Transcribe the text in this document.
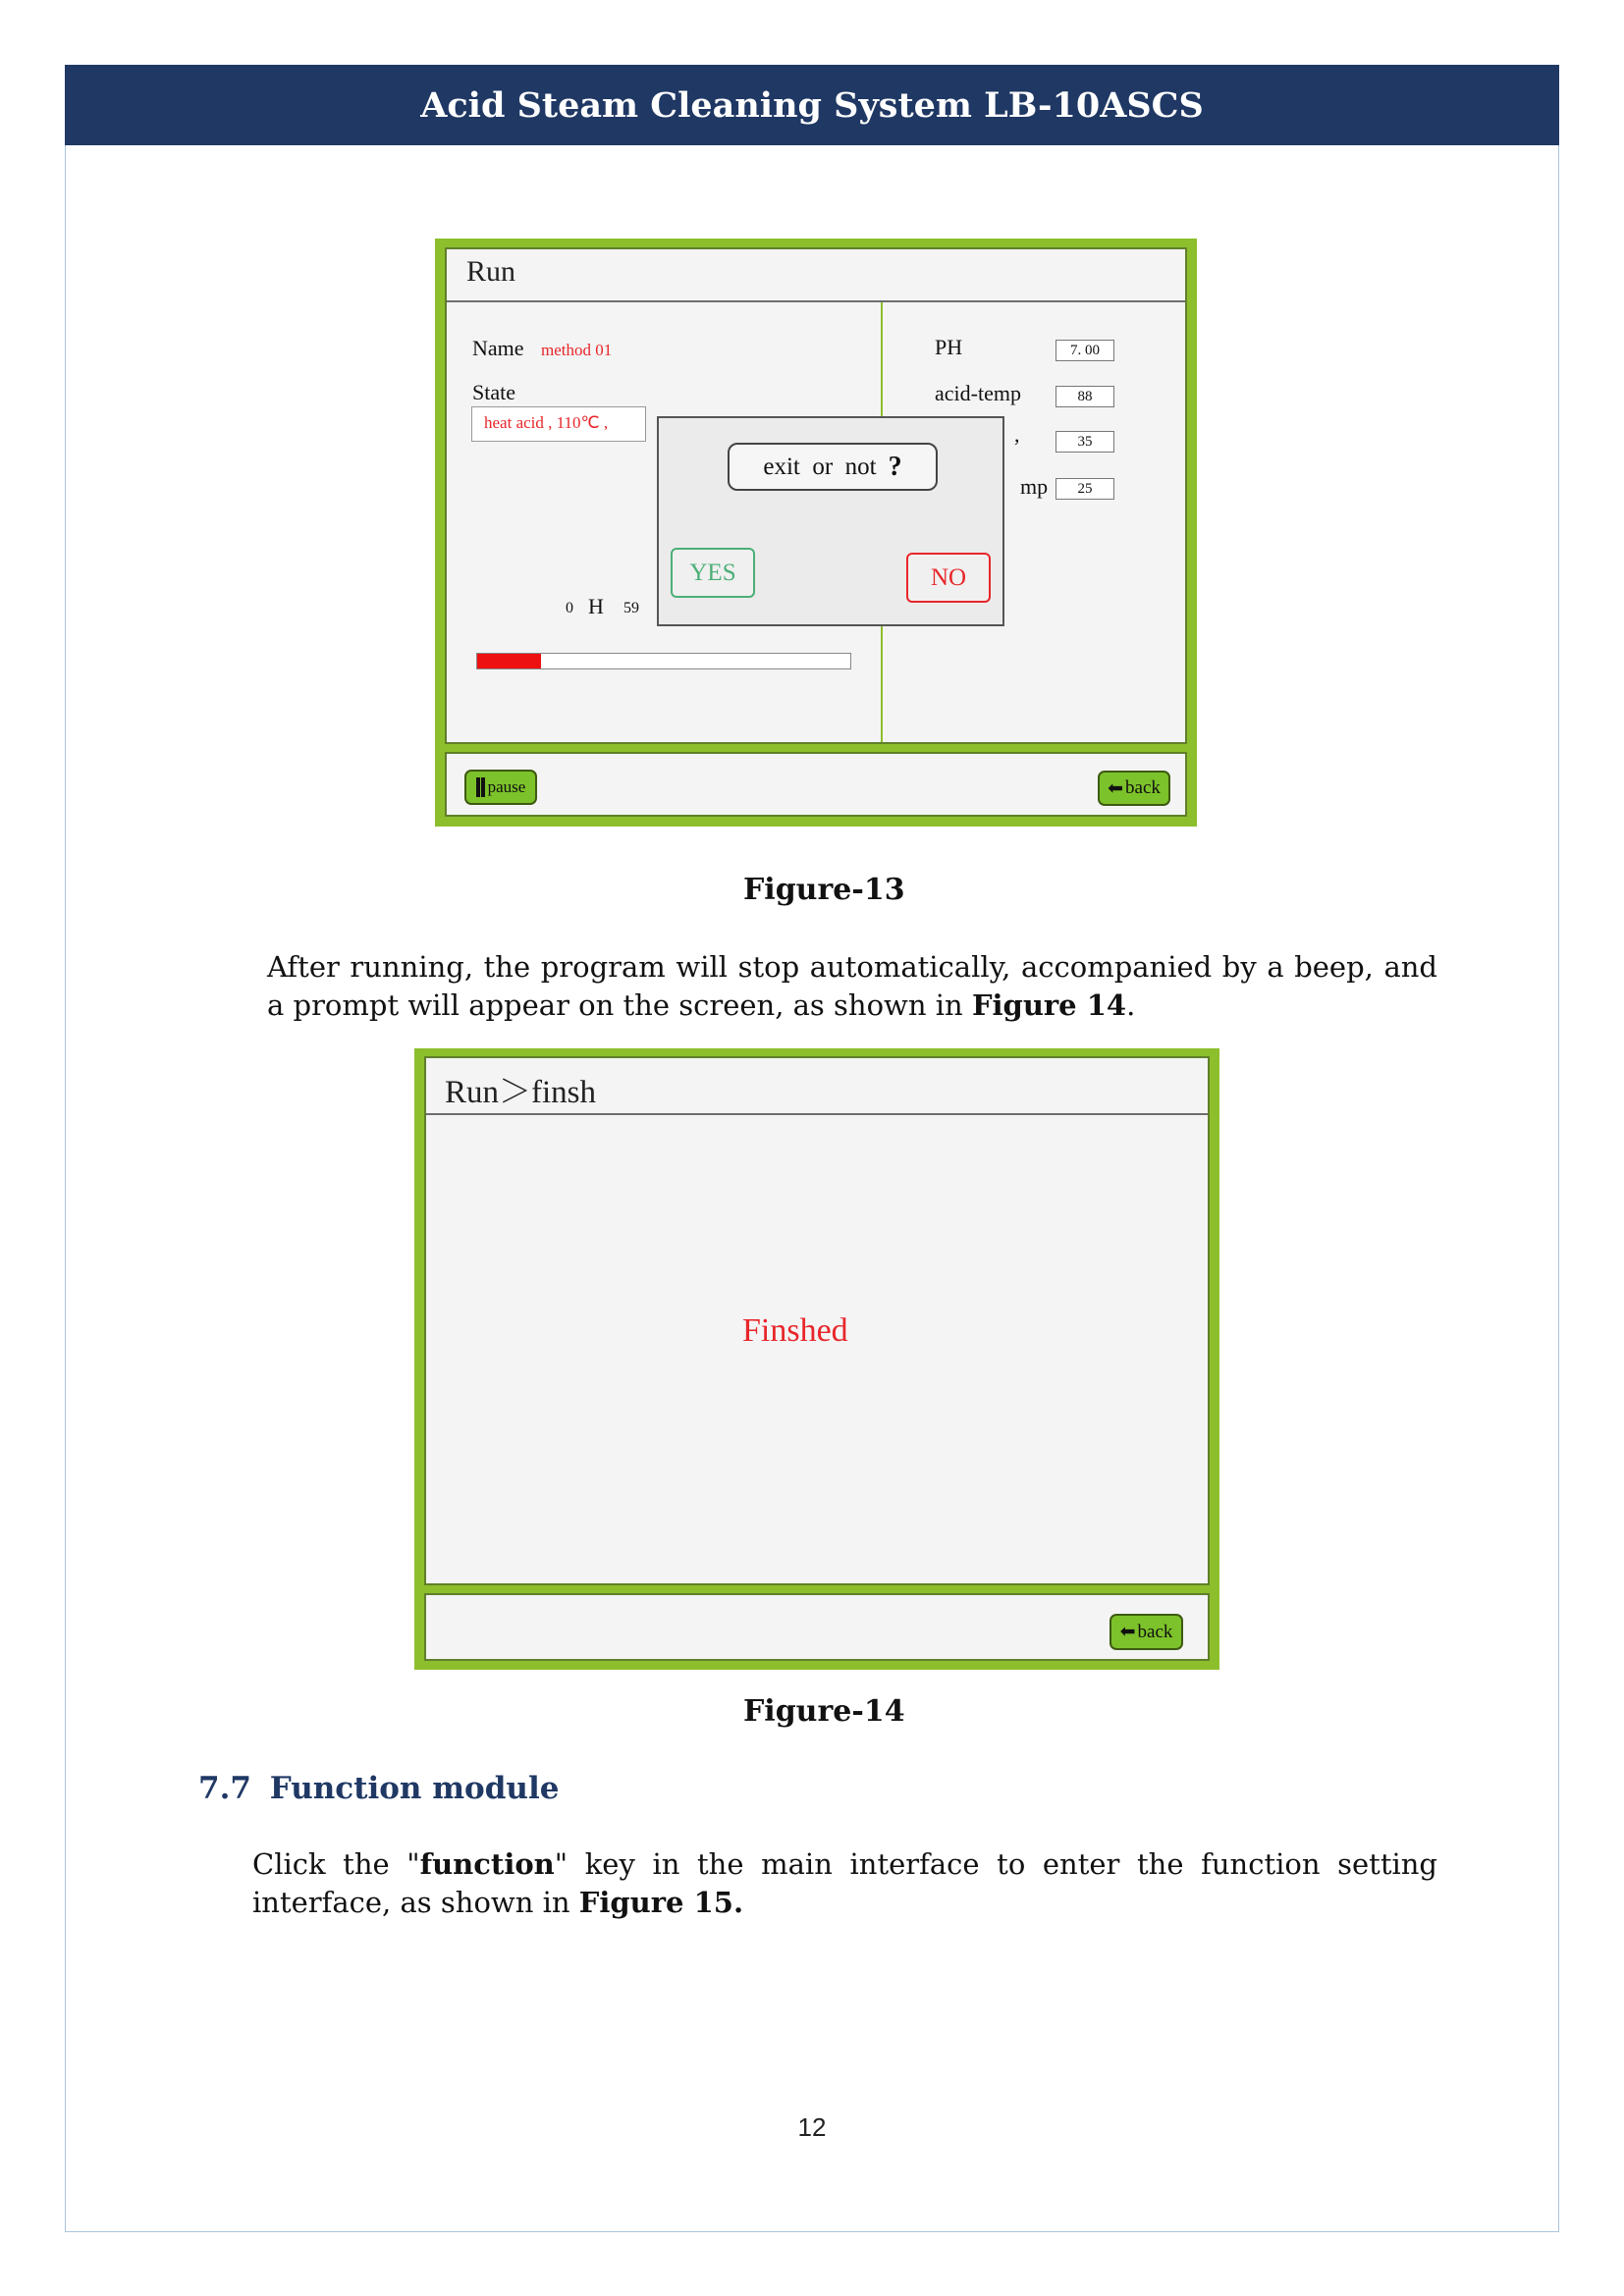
Acid Steam Cleaning System LB-10ASCS
Run
Name method 01
State
heat acid , 110℃ ,
0 H 59
PH	7. 00
acid-temp	88
,	35
mp	25
exit  or  not ?
YES	NO
pause	⬅ back
Figure-13
After running, the program will stop automatically, accompanied by a beep, and a prompt will appear on the screen, as shown in Figure 14.
Run＞finsh
Finshed
⬅ back
Figure-14
7.7 Function module
Click the "function" key in the main interface to enter the function setting interface, as shown in Figure 15.
12
